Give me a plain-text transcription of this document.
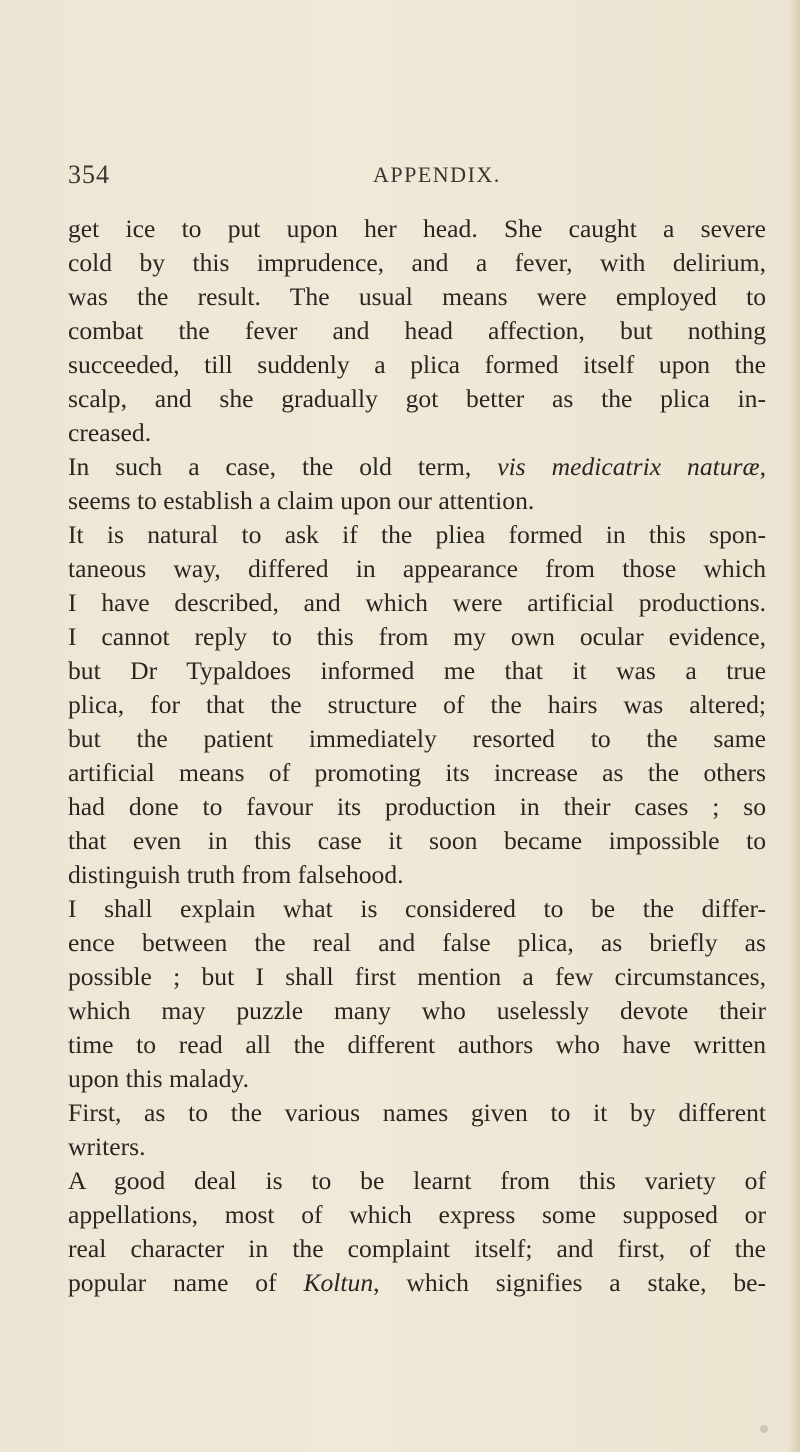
354	APPENDIX.
get ice to put upon her head. She caught a severe
cold by this imprudence, and a fever, with delirium,
was the result. The usual means were employed to
combat the fever and head affection, but nothing
succeeded, till suddenly a plica formed itself upon the
scalp, and she gradually got better as the plica in-
creased.
In such a case, the old term, vis medicatrix naturæ,
seems to establish a claim upon our attention.
It is natural to ask if the pliea formed in this spon-
taneous way, differed in appearance from those which
I have described, and which were artificial productions.
I cannot reply to this from my own ocular evidence,
but Dr Typaldoes informed me that it was a true
plica, for that the structure of the hairs was altered;
but the patient immediately resorted to the same
artificial means of promoting its increase as the others
had done to favour its production in their cases ; so
that even in this case it soon became impossible to
distinguish truth from falsehood.
I shall explain what is considered to be the differ-
ence between the real and false plica, as briefly as
possible ; but I shall first mention a few circumstances,
which may puzzle many who uselessly devote their
time to read all the different authors who have written
upon this malady.
First, as to the various names given to it by different
writers.
A good deal is to be learnt from this variety of
appellations, most of which express some supposed or
real character in the complaint itself; and first, of the
popular name of Koltun, which signifies a stake, be-
